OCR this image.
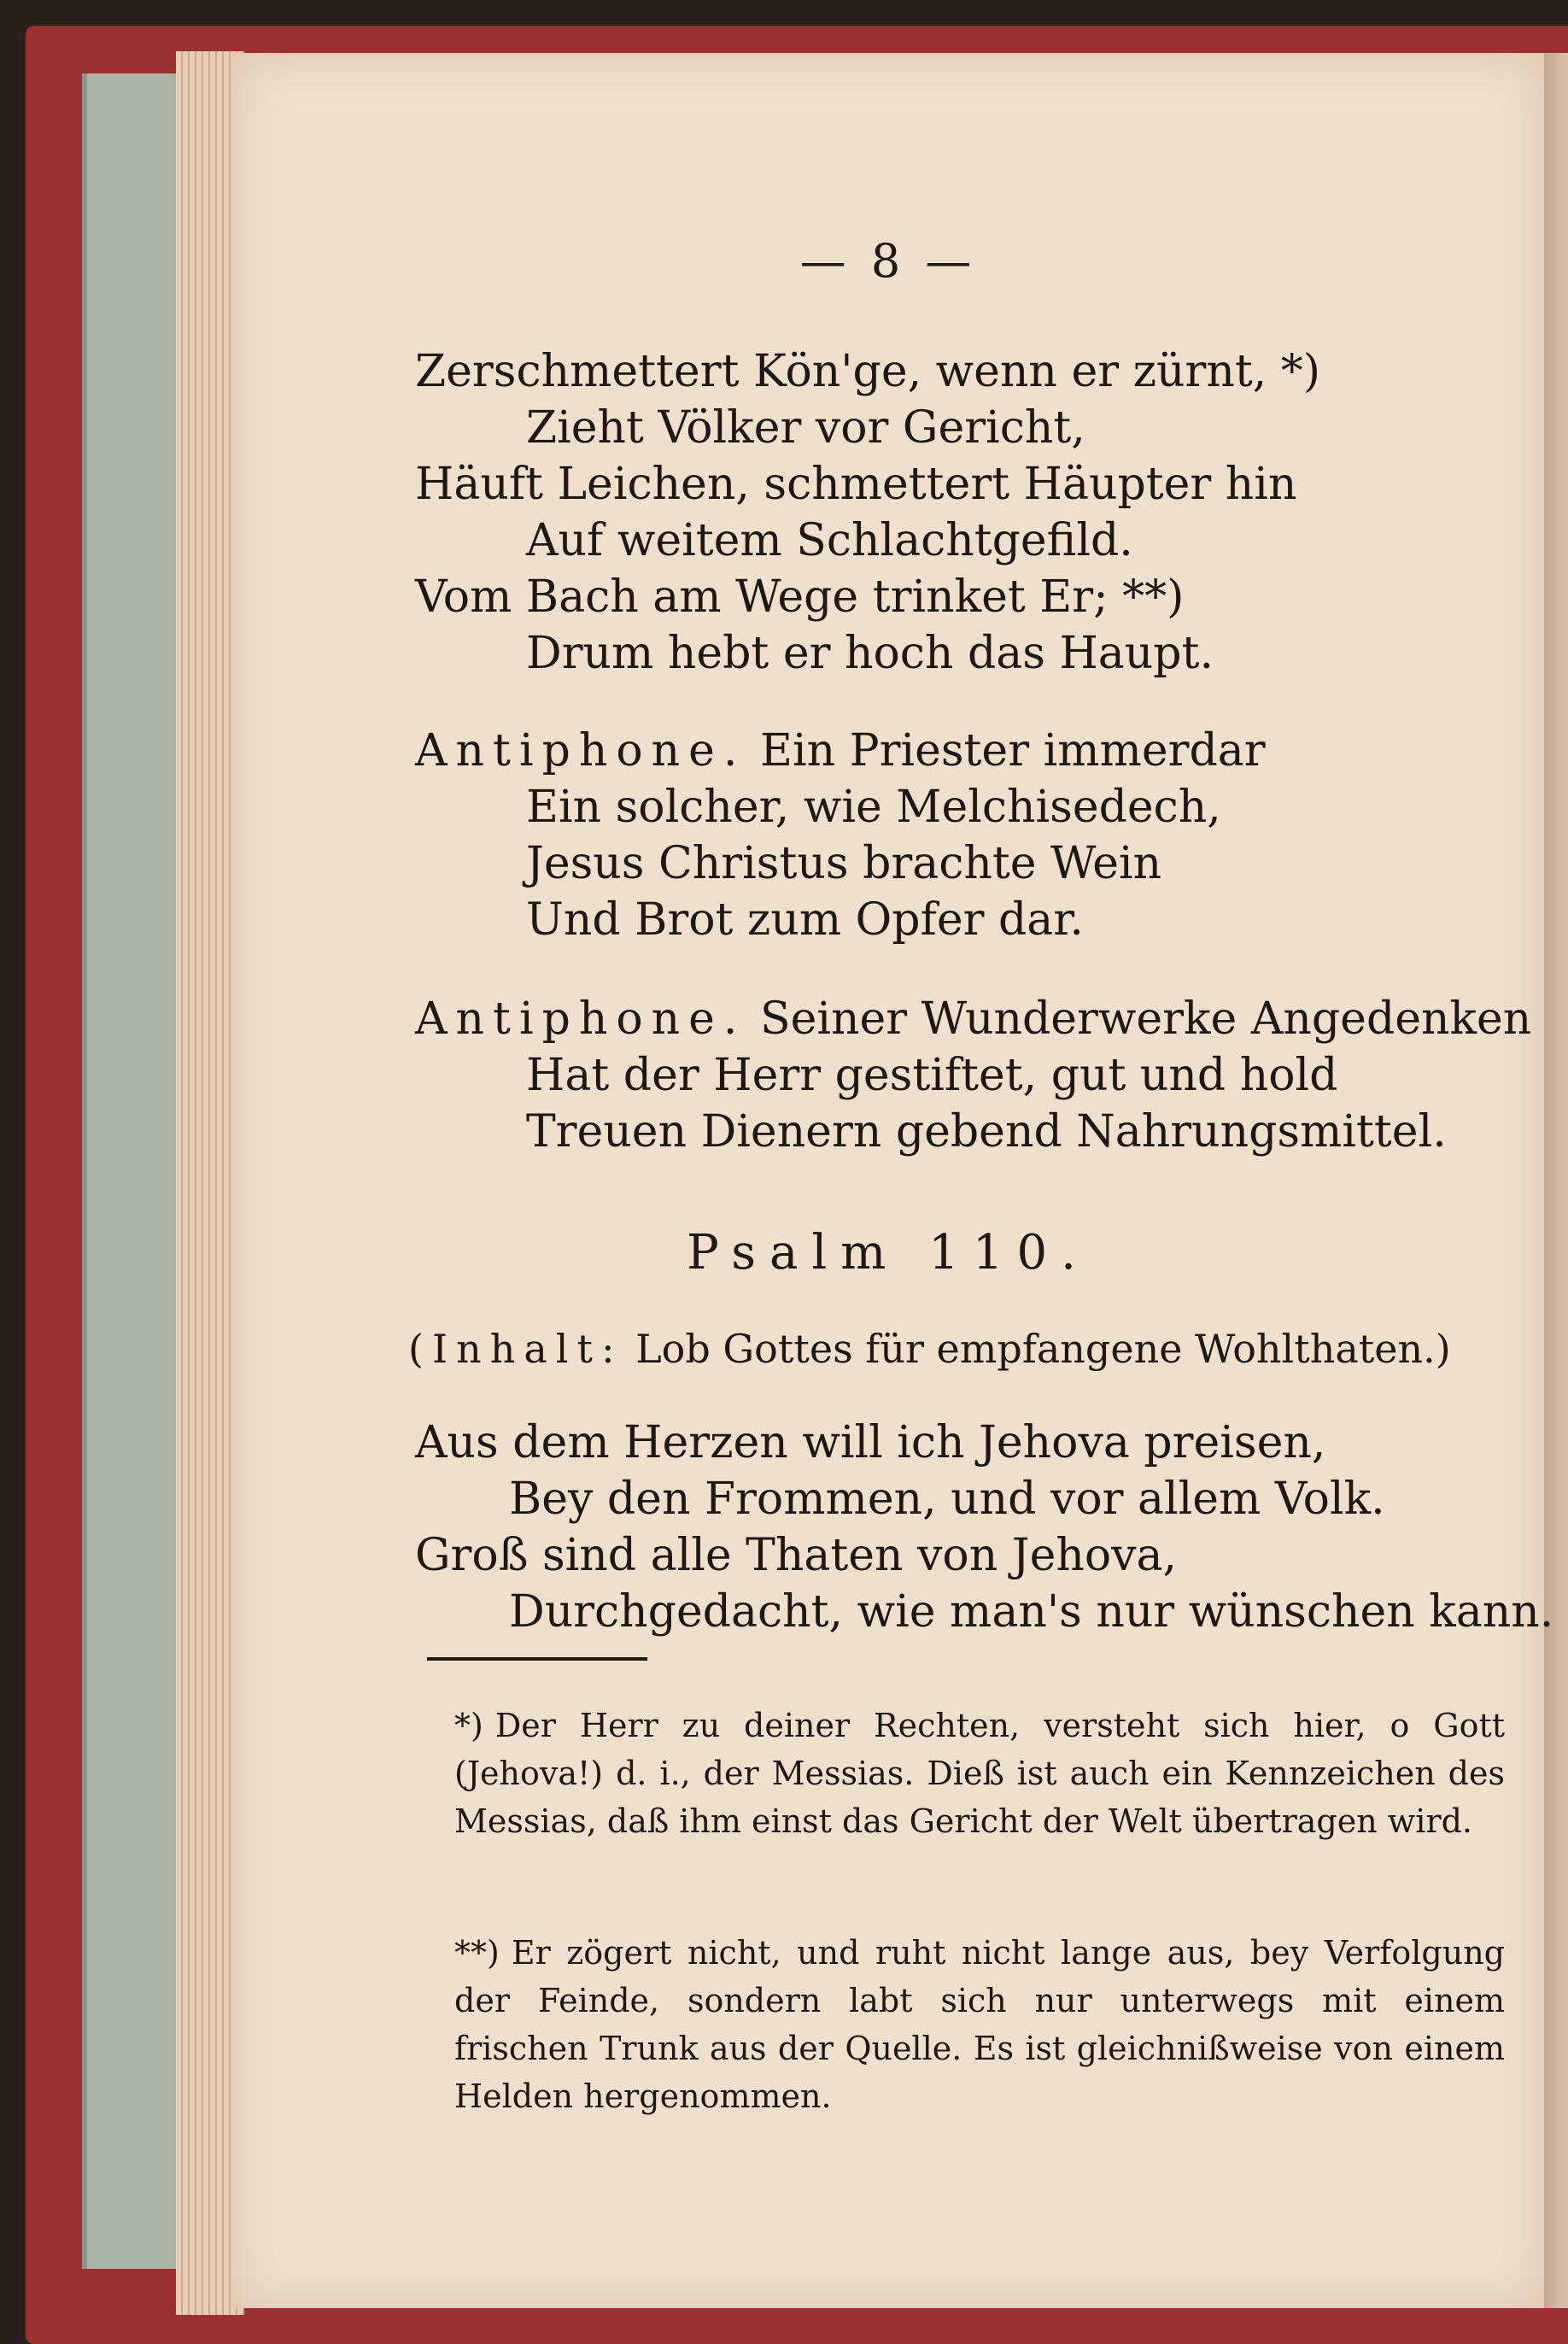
— 8 —
Zerschmettert Kön'ge, wenn er zürnt, *)
Zieht Völker vor Gericht,
Häuft Leichen, schmettert Häupter hin
Auf weitem Schlachtgefild.
Vom Bach am Wege trinket Er; **)
Drum hebt er hoch das Haupt.
Antiphone. Ein Priester immerdar
Ein solcher, wie Melchisedech,
Jesus Christus brachte Wein
Und Brot zum Opfer dar.
Antiphone. Seiner Wunderwerke Angedenken
Hat der Herr gestiftet, gut und hold
Treuen Dienern gebend Nahrungsmittel.
Psalm 110.
(Inhalt: Lob Gottes für empfangene Wohlthaten.)
Aus dem Herzen will ich Jehova preisen,
Bey den Frommen, und vor allem Volk.
Groß sind alle Thaten von Jehova,
Durchgedacht, wie man's nur wünschen kann.
*) Der Herr zu deiner Rechten, versteht sich hier, o Gott (Jehova!) d. i., der Messias. Dieß ist auch ein Kennzeichen des Messias, daß ihm einst das Gericht der Welt übertragen wird.
**) Er zögert nicht, und ruht nicht lange aus, bey Verfolgung der Feinde, sondern labt sich nur unterwegs mit einem frischen Trunk aus der Quelle. Es ist gleichnißweise von einem Helden hergenommen.
